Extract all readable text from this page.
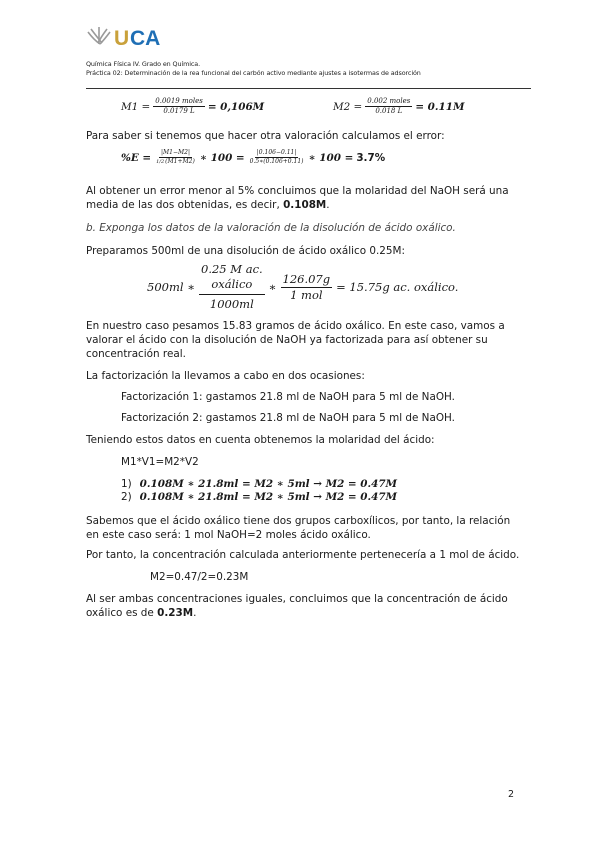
U CA
Química Física IV. Grado en Química.
Práctica 02: Determinación de la rea funcional del carbón activo mediante ajustes a isotermas de adsorción
$M1 = \frac{\text{0.0019 moles}}{0.0179 L} = 0,106M$	$M2 = \frac{\text{0.002 moles}}{0.018 L} = 0.11M$
Para saber si tenemos que hacer otra valoración calculamos el error:
$\%E = \frac{|M1-M2|}{1/2 (M1+M2)}$ ∗ $100 = \frac{|0.106-0.11|}{0.5∗(0.106+0.11)}$ ∗ 100 = 3.7%
Al obtener un error menor al 5% concluimos que la molaridad del NaOH será una
media de las dos obtenidas, es decir, 0.108M.
b. Exponga los datos de la valoración de la disolución de ácido oxálico.
Preparamos 500ml de una disolución de ácido oxálico 0.25M:
500ml ∗ 0.25 M ac.
oxálico
1000ml ∗ $\frac{126.07g}{\text{1 mol}} = 15.75g$ ac. oxálico.
En nuestro caso pesamos 15.83 gramos de ácido oxálico. En este caso, vamos a
valorar el ácido con la disolución de NaOH ya factorizada para así obtener su
concentración real.
La factorización la llevamos a cabo en dos ocasiones:
Factorización 1: gastamos 21.8 ml de NaOH para 5 ml de NaOH.
Factorización 2: gastamos 21.8 ml de NaOH para 5 ml de NaOH.
Teniendo estos datos en cuenta obtenemos la molaridad del ácido:
M1*V1=M2*V2
1) 0.108M ∗ 21.8ml = M2 ∗ 5ml → M2 = 0.47M
2) 0.108M ∗ 21.8ml = M2 ∗ 5ml → M2 = 0.47M
Sabemos que el ácido oxálico tiene dos grupos carboxílicos, por tanto, la relación
en este caso será: 1 mol NaOH=2 moles ácido oxálico.
Por tanto, la concentración calculada anteriormente pertenecería a 1 mol de ácido.
M2=0.47/2=0.23M
Al ser ambas concentraciones iguales, concluimos que la concentración de ácido
oxálico es de 0.23M.
2
